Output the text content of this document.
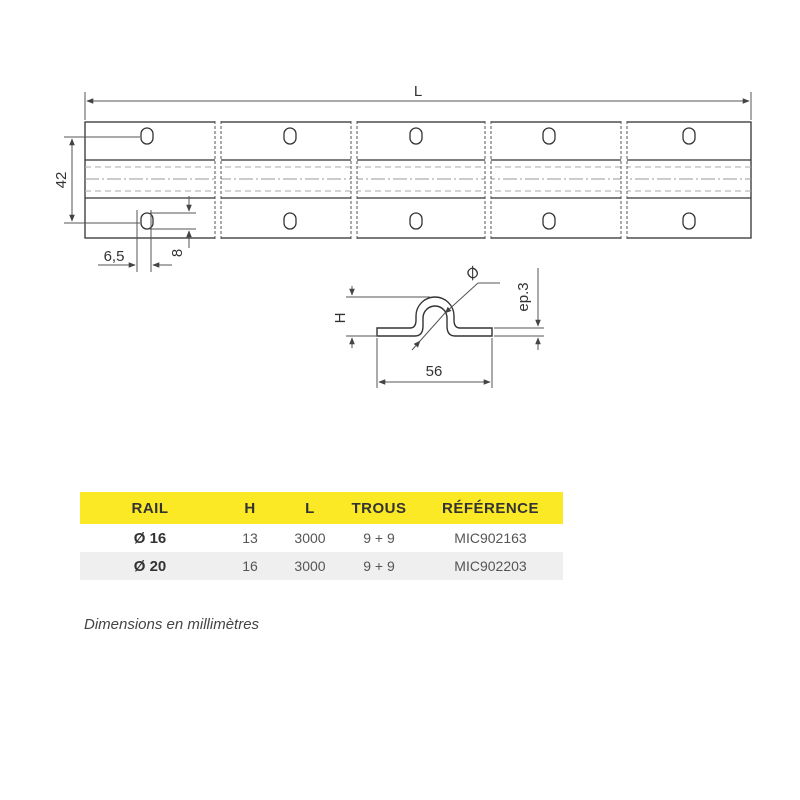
L
42
6,5	8
H
ep.3
Ø
56
RAIL	H	L	TROUS	RÉFÉRENCE
Ø 16	13	3000	9 + 9	MIC902163
Ø 20	16	3000	9 + 9	MIC902203
Dimensions en millimètres
